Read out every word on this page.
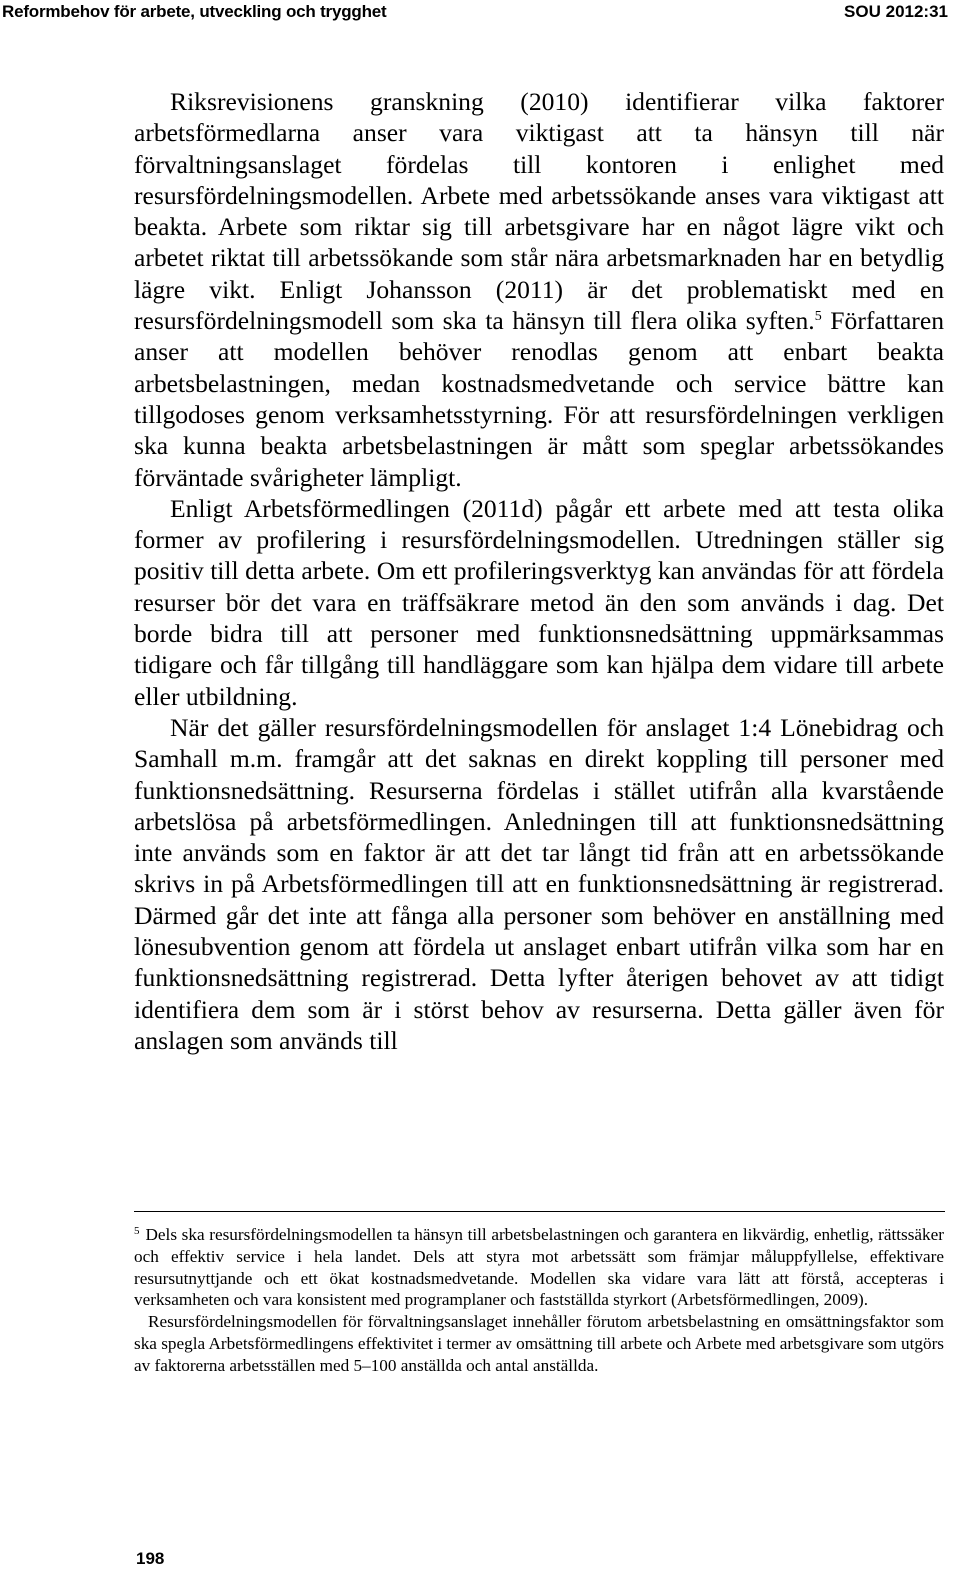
Reformbehov för arbete, utveckling och trygghet	SOU 2012:31

Riksrevisionens granskning (2010) identifierar vilka faktorer arbetsförmedlarna anser vara viktigast att ta hänsyn till när förvaltningsanslaget fördelas till kontoren i enlighet med resursfördelningsmodellen. Arbete med arbetssökande anses vara viktigast att beakta. Arbete som riktar sig till arbetsgivare har en något lägre vikt och arbetet riktat till arbetssökande som står nära arbetsmarknaden har en betydlig lägre vikt. Enligt Johansson (2011) är det problematiskt med en resursfördelningsmodell som ska ta hänsyn till flera olika syften.$^5$ Författaren anser att modellen behöver renodlas genom att enbart beakta arbetsbelastningen, medan kostnadsmedvetande och service bättre kan tillgodoses genom verksamhetsstyrning. För att resursfördelningen verkligen ska kunna beakta arbetsbelastningen är mått som speglar arbetssökandes förväntade svårigheter lämpligt.

Enligt Arbetsförmedlingen (2011d) pågår ett arbete med att testa olika former av profilering i resursfördelningsmodellen. Utredningen ställer sig positiv till detta arbete. Om ett profileringsverktyg kan användas för att fördela resurser bör det vara en träffsäkrare metod än den som används i dag. Det borde bidra till att personer med funktionsnedsättning uppmärksammas tidigare och får tillgång till handläggare som kan hjälpa dem vidare till arbete eller utbildning.

När det gäller resursfördelningsmodellen för anslaget 1:4 Lönebidrag och Samhall m.m. framgår att det saknas en direkt koppling till personer med funktionsnedsättning. Resurserna fördelas i stället utifrån alla kvarstående arbetslösa på arbetsförmedlingen. Anledningen till att funktionsnedsättning inte används som en faktor är att det tar långt tid från att en arbetssökande skrivs in på Arbetsförmedlingen till att en funktionsnedsättning är registrerad. Därmed går det inte att fånga alla personer som behöver en anställning med lönesubvention genom att fördela ut anslaget enbart utifrån vilka som har en funktionsnedsättning registrerad. Detta lyfter återigen behovet av att tidigt identifiera dem som är i störst behov av resurserna. Detta gäller även för anslagen som används till

$^5$ Dels ska resursfördelningsmodellen ta hänsyn till arbetsbelastningen och garantera en likvärdig, enhetlig, rättssäker och effektiv service i hela landet. Dels att styra mot arbetssätt som främjar måluppfyllelse, effektivare resursutnyttjande och ett ökat kostnadsmedvetande. Modellen ska vidare vara lätt att förstå, accepteras i verksamheten och vara konsistent med programplaner och fastställda styrkort (Arbetsförmedlingen, 2009).

Resursfördelningsmodellen för förvaltningsanslaget innehåller förutom arbetsbelastning en omsättningsfaktor som ska spegla Arbetsförmedlingens effektivitet i termer av omsättning till arbete och Arbete med arbetsgivare som utgörs av faktorerna arbetsställen med 5–100 anställda och antal anställda.

198
